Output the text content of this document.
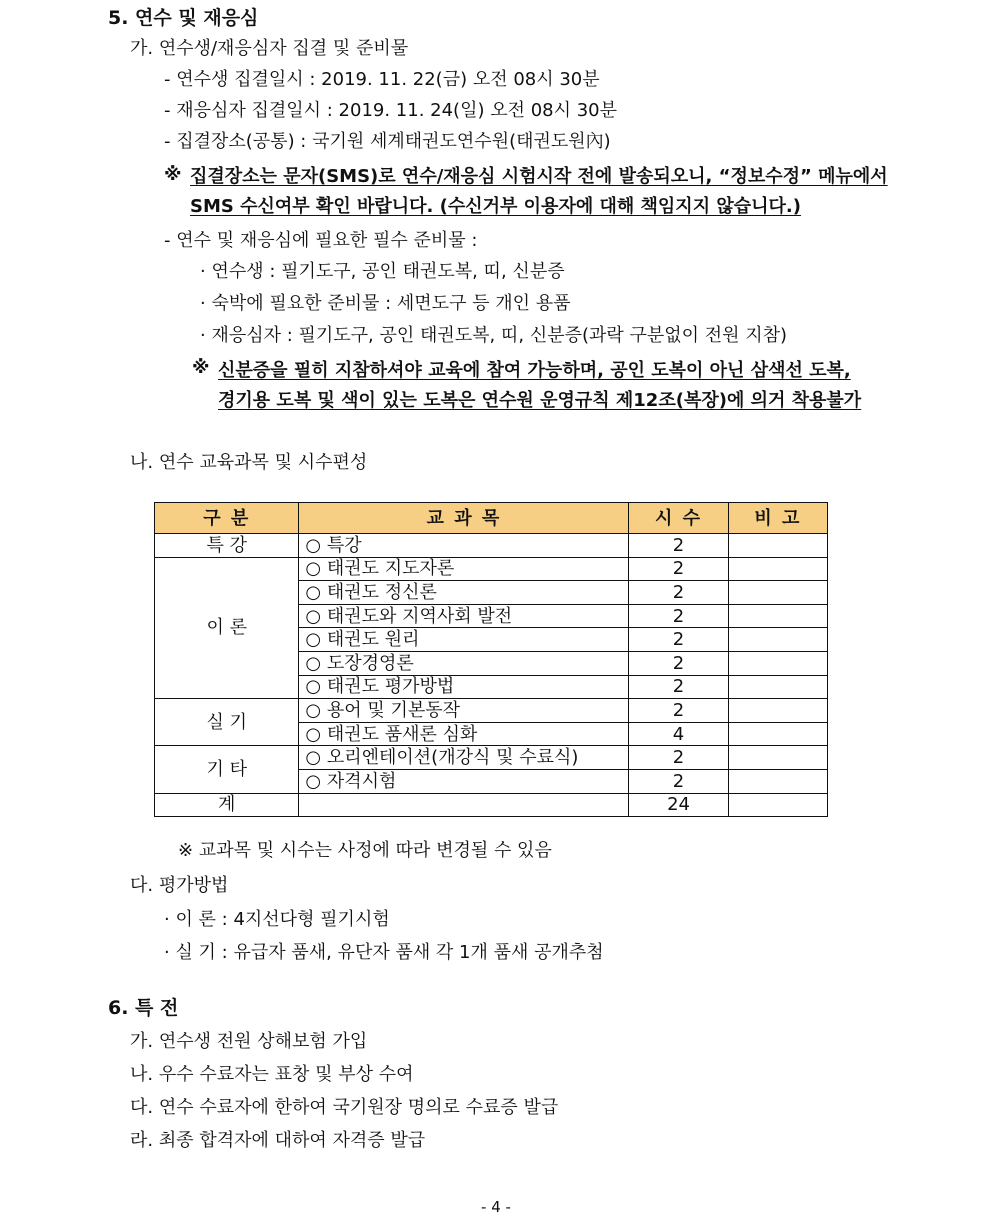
5. 연수 및 재응심
가. 연수생/재응심자 집결 및 준비물
- 연수생 집결일시 : 2019. 11. 22(금) 오전 08시 30분
- 재응심자 집결일시 : 2019. 11. 24(일) 오전 08시 30분
- 집결장소(공통) : 국기원 세계태권도연수원(태권도원內)
※ 집결장소는 문자(SMS)로 연수/재응심 시험시작 전에 발송되오니, “정보수정” 메뉴에서
SMS 수신여부 확인 바랍니다. (수신거부 이용자에 대해 책임지지 않습니다.)
- 연수 및 재응심에 필요한 필수 준비물 :
· 연수생 : 필기도구, 공인 태권도복, 띠, 신분증
· 숙박에 필요한 준비물 : 세면도구 등 개인 용품
· 재응심자 : 필기도구, 공인 태권도복, 띠, 신분증(과락 구분없이 전원 지참)
※ 신분증을 필히 지참하셔야 교육에 참여 가능하며, 공인 도복이 아닌 삼색선 도복,
경기용 도복 및 색이 있는 도복은 연수원 운영규칙 제12조(복장)에 의거 착용불가
나. 연수 교육과목 및 시수편성
구 분	교 과 목	시 수	비 고
특 강	○ 특강	2	
이 론	○ 태권도 지도자론	2	
	○ 태권도 정신론	2	
	○ 태권도와 지역사회 발전	2	
	○ 태권도 원리	2	
	○ 도장경영론	2	
	○ 태권도 평가방법	2	
실 기	○ 용어 및 기본동작	2	
	○ 태권도 품새론 심화	4	
기 타	○ 오리엔테이션(개강식 및 수료식)	2	
	○ 자격시험	2	
계		24	
※ 교과목 및 시수는 사정에 따라 변경될 수 있음
다. 평가방법
· 이 론 : 4지선다형 필기시험
· 실 기 : 유급자 품새, 유단자 품새 각 1개 품새 공개추첨
6. 특 전
가. 연수생 전원 상해보험 가입
나. 우수 수료자는 표창 및 부상 수여
다. 연수 수료자에 한하여 국기원장 명의로 수료증 발급
라. 최종 합격자에 대하여 자격증 발급
- 4 -
